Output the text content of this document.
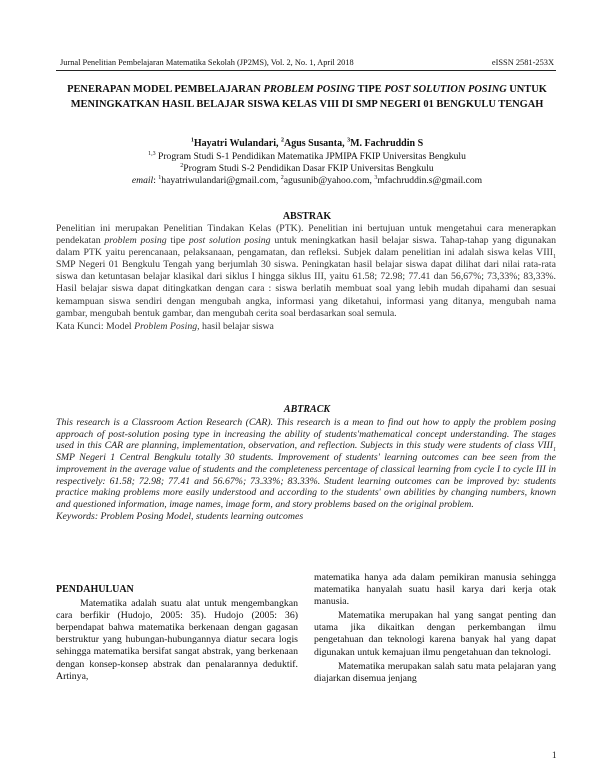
Jurnal Penelitian Pembelajaran Matematika Sekolah (JP2MS), Vol. 2, No. 1, April 2018	eISSN 2581-253X
PENERAPAN MODEL PEMBELAJARAN PROBLEM POSING TIPE POST SOLUTION POSING UNTUK MENINGKATKAN HASIL BELAJAR SISWA KELAS VIII DI SMP NEGERI 01 BENGKULU TENGAH
$^1$Hayatri Wulandari, $^2$Agus Susanta, $^3$M. Fachruddin S
$^{1,3}$ Program Studi S-1 Pendidikan Matematika JPMIPA FKIP Universitas Bengkulu
$^2$Program Studi S-2 Pendidikan Dasar FKIP Universitas Bengkulu
email: $^1$hayatriwulandari@gmail.com, $^2$agusunib@yahoo.com, $^3$mfachruddin.s@gmail.com
ABSTRAK
Penelitian ini merupakan Penelitian Tindakan Kelas (PTK). Penelitian ini bertujuan untuk mengetahui cara menerapkan pendekatan problem posing tipe post solution posing untuk meningkatkan hasil belajar siswa. Tahap-tahap yang digunakan dalam PTK yaitu perencanaan, pelaksanaan, pengamatan, dan refleksi. Subjek dalam penelitian ini adalah siswa kelas $VIII_1$ SMP Negeri 01 Bengkulu Tengah yang berjumlah 30 siswa. Peningkatan hasil belajar siswa dapat dilihat dari nilai rata-rata siswa dan ketuntasan belajar klasikal dari siklus I hingga siklus III, yaitu 61.58; 72.98; 77.41 dan 56,67%; 73,33%; 83,33%. Hasil belajar siswa dapat ditingkatkan dengan cara : siswa berlatih membuat soal yang lebih mudah dipahami dan sesuai kemampuan siswa sendiri dengan mengubah angka, informasi yang diketahui, informasi yang ditanya, mengubah nama gambar, mengubah bentuk gambar, dan mengubah cerita soal berdasarkan soal semula.
Kata Kunci: Model Problem Posing, hasil belajar siswa
ABTRACK
This research is a Classroom Action Research (CAR). This research is a mean to find out how to apply the problem posing approach of post-solution posing type in increasing the ability of students'mathematical concept understanding. The stages used in this CAR are planning, implementation, observation, and reflection. Subjects in this study were students of class $VIII_1$ SMP Negeri 1 Central Bengkulu totally 30 students. Improvement of students' learning outcomes can bee seen from the improvement in the average value of students and the completeness percentage of classical learning from cycle I to cycle III in respectively: 61.58; 72.98; 77.41 and 56.67%; 73.33%; 83.33%. Student learning outcomes can be improved by: students practice making problems more easily understood and according to the students' own abilities by changing numbers, known and questioned information, image names, image form, and story problems based on the original problem.
Keywords: Problem Posing Model, students learning outcomes
PENDAHULUAN

Matematika adalah suatu alat untuk mengembangkan cara berfikir (Hudojo, 2005: 35). Hudojo (2005: 36) berpendapat bahwa matematika berkenaan dengan gagasan berstruktur yang hubungan-hubungannya diatur secara logis sehingga matematika bersifat sangat abstrak, yang berkenaan dengan konsep-konsep abstrak dan penalarannya deduktif. Artinya,

matematika hanya ada dalam pemikiran manusia sehingga matematika hanyalah suatu hasil karya dari kerja otak manusia.

Matematika merupakan hal yang sangat penting dan utama jika dikaitkan dengan perkembangan ilmu pengetahuan dan teknologi karena banyak hal yang dapat digunakan untuk kemajuan ilmu pengetahuan dan teknologi.

Matematika merupakan salah satu mata pelajaran yang diajarkan disemua jenjang

1
